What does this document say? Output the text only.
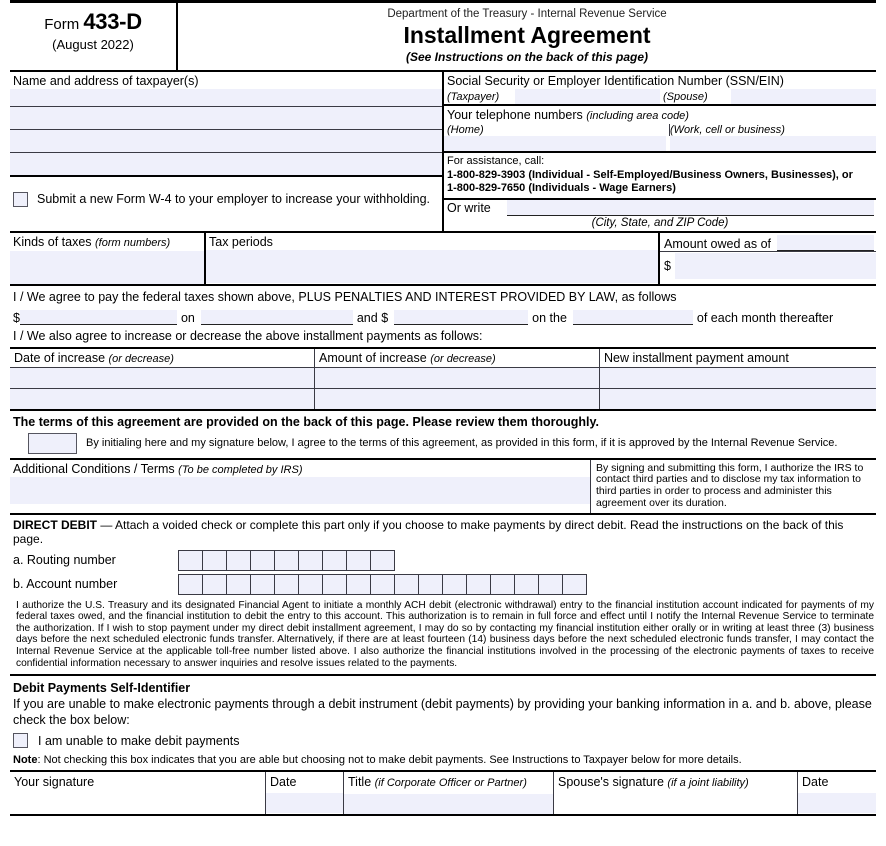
Form 433-D
(August 2022)
Department of the Treasury - Internal Revenue Service
Installment Agreement
(See Instructions on the back of this page)
Name and address of taxpayer(s)
Submit a new Form W-4 to your employer to increase your withholding.
Social Security or Employer Identification Number (SSN/EIN)
(Taxpayer)	(Spouse)
Your telephone numbers (including area code)
(Home)	(Work, cell or business)
For assistance, call:
1-800-829-3903 (Individual - Self-Employed/Business Owners, Businesses), or
1-800-829-7650 (Individuals - Wage Earners)
Or write
(City, State, and ZIP Code)
Kinds of taxes (form numbers)	Tax periods	Amount owed as of
$
I / We agree to pay the federal taxes shown above, PLUS PENALTIES AND INTEREST PROVIDED BY LAW, as follows
$	on	and $	on the	of each month thereafter
I / We also agree to increase or decrease the above installment payments as follows:
Date of increase (or decrease)	Amount of increase (or decrease)	New installment payment amount
The terms of this agreement are provided on the back of this page. Please review them thoroughly.
By initialing here and my signature below, I agree to the terms of this agreement, as provided in this form, if it is approved by the Internal Revenue Service.
Additional Conditions / Terms (To be completed by IRS)	By signing and submitting this form, I authorize the IRS to contact third parties and to disclose my tax information to third parties in order to process and administer this agreement over its duration.
DIRECT DEBIT — Attach a voided check or complete this part only if you choose to make payments by direct debit. Read the instructions on the back of this page.
a. Routing number
b. Account number
I authorize the U.S. Treasury and its designated Financial Agent to initiate a monthly ACH debit (electronic withdrawal) entry to the financial institution account indicated for payments of my federal taxes owed, and the financial institution to debit the entry to this account. This authorization is to remain in full force and effect until I notify the Internal Revenue Service to terminate the authorization. If I wish to stop payment under my direct debit installment agreement, I may do so by contacting my financial institution either orally or in writing at least three (3) business days before the next scheduled electronic funds transfer. Alternatively, if there are at least fourteen (14) business days before the next scheduled electronic funds transfer, I may contact the Internal Revenue Service at the applicable toll-free number listed above. I also authorize the financial institutions involved in the processing of the electronic payments of taxes to receive confidential information necessary to answer inquiries and resolve issues related to the payments.
Debit Payments Self-Identifier
If you are unable to make electronic payments through a debit instrument (debit payments) by providing your banking information in a. and b. above, please check the box below:
I am unable to make debit payments
Note: Not checking this box indicates that you are able but choosing not to make debit payments. See Instructions to Taxpayer below for more details.
Your signature	Date	Title (if Corporate Officer or Partner)	Spouse's signature (if a joint liability)	Date
